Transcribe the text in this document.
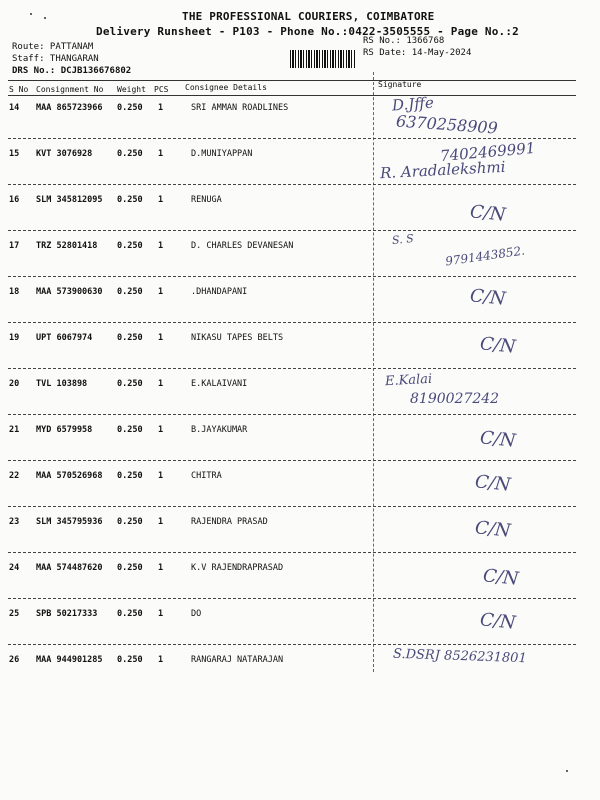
THE PROFESSIONAL COURIERS, COIMBATORE
Delivery Runsheet - P103 - Phone No.:0422-3505555 - Page No.:2
Route: PATTANAM
Staff: THANGARAN
DRS No.: DCJB136676802
RS No.: 1366768
RS Date: 14-May-2024
S No Consignment No Weight PCS Consignee Details	Signature
14 MAA 865723966 0.250 1	SRI AMMAN ROADLINES	D.Jffe
6370258909
15 KVT 3076928	0.250 1	D.MUNIYAPPAN	7402469991
R. Aradalekshmi
16 SLM 345812095 0.250 1	RENUGA
C/N
17 TRZ 52801418 0.250 1	D. CHARLES DEVANESAN	S. S
9791443852.
18 MAA 573900630 0.250 1	.DHANDAPANI	C/N
19 UPT 6067974	0.250 1	NIKASU TAPES BELTS	C/N
20 TVL 103898	0.250 1	E.KALAIVANI	E.Kalai
8190027242
21 MYD 6579958	0.250 1	B.JAYAKUMAR	C/N
22 MAA 570526968 0.250 1	CHITRA	C/N
23 SLM 345795936 0.250 1	RAJENDRA PRASAD	C/N
24 MAA 574487620 0.250 1	K.V RAJENDRAPRASAD	C/N
25 SPB 50217333 0.250 1	DO	C/N
26 MAA 944901285 0.250 1	RANGARAJ NATARAJAN	S.DSRJ 8526231801
